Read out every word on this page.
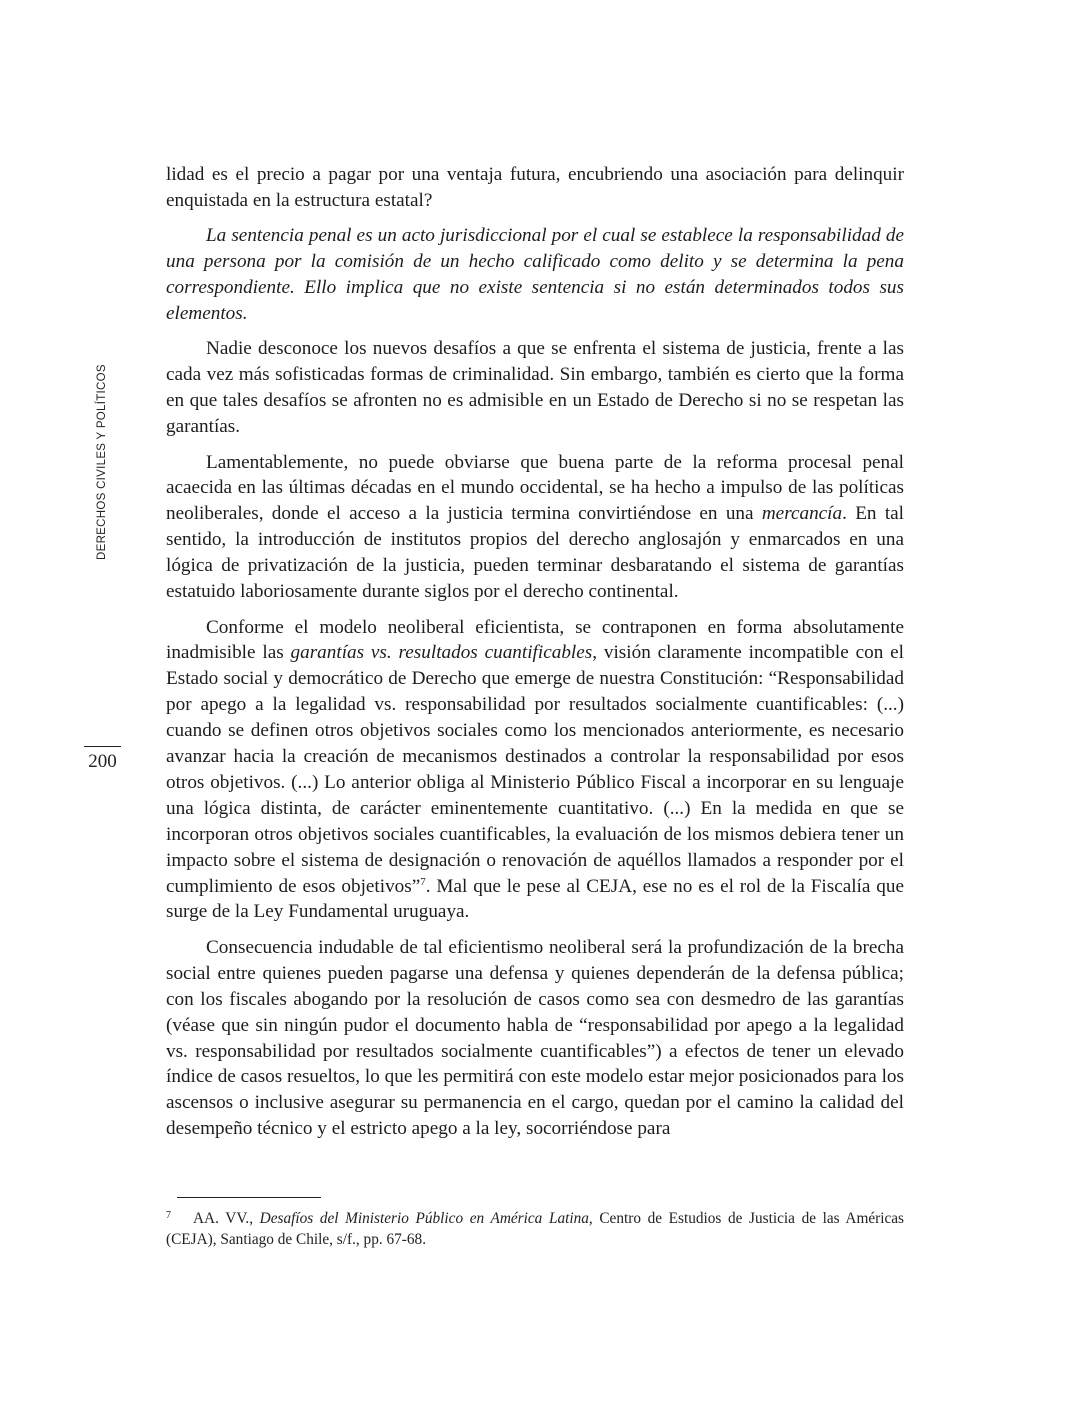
DERECHOS CIVILES Y POLÍTICOS
200

lidad es el precio a pagar por una ventaja futura, encubriendo una asociación para delinquir enquistada en la estructura estatal?

La sentencia penal es un acto jurisdiccional por el cual se establece la responsabilidad de una persona por la comisión de un hecho calificado como delito y se determina la pena correspondiente. Ello implica que no existe sentencia si no están determinados todos sus elementos.

Nadie desconoce los nuevos desafíos a que se enfrenta el sistema de justicia, frente a las cada vez más sofisticadas formas de criminalidad. Sin embargo, también es cierto que la forma en que tales desafíos se afronten no es admisible en un Estado de Derecho si no se respetan las garantías.

Lamentablemente, no puede obviarse que buena parte de la reforma procesal penal acaecida en las últimas décadas en el mundo occidental, se ha hecho a impulso de las políticas neoliberales, donde el acceso a la justicia termina convirtiéndose en una mercancía. En tal sentido, la introducción de institutos propios del derecho anglosajón y enmarcados en una lógica de privatización de la justicia, pueden terminar desbaratando el sistema de garantías estatuido laboriosamente durante siglos por el derecho continental.

Conforme el modelo neoliberal eficientista, se contraponen en forma absolutamente inadmisible las garantías vs. resultados cuantificables, visión claramente incompatible con el Estado social y democrático de Derecho que emerge de nuestra Constitución: “Responsabilidad por apego a la legalidad vs. responsabilidad por resultados socialmente cuantificables: (...) cuando se definen otros objetivos sociales como los mencionados anteriormente, es necesario avanzar hacia la creación de mecanismos destinados a controlar la responsabilidad por esos otros objetivos. (...) Lo anterior obliga al Ministerio Público Fiscal a incorporar en su lenguaje una lógica distinta, de carácter eminentemente cuantitativo. (...) En la medida en que se incorporan otros objetivos sociales cuantificables, la evaluación de los mismos debiera tener un impacto sobre el sistema de designación o renovación de aquéllos llamados a responder por el cumplimiento de esos objetivos”$^7$. Mal que le pese al CEJA, ese no es el rol de la Fiscalía que surge de la Ley Fundamental uruguaya.

Consecuencia indudable de tal eficientismo neoliberal será la profundización de la brecha social entre quienes pueden pagarse una defensa y quienes dependerán de la defensa pública; con los fiscales abogando por la resolución de casos como sea con desmedro de las garantías (véase que sin ningún pudor el documento habla de “responsabilidad por apego a la legalidad vs. responsabilidad por resultados socialmente cuantificables”) a efectos de tener un elevado índice de casos resueltos, lo que les permitirá con este modelo estar mejor posicionados para los ascensos o inclusive asegurar su permanencia en el cargo, quedan por el camino la calidad del desempeño técnico y el estricto apego a la ley, socorriéndose para

$^7$ AA. VV., Desafíos del Ministerio Público en América Latina, Centro de Estudios de Justicia de las Américas (CEJA), Santiago de Chile, s/f., pp. 67-68.
